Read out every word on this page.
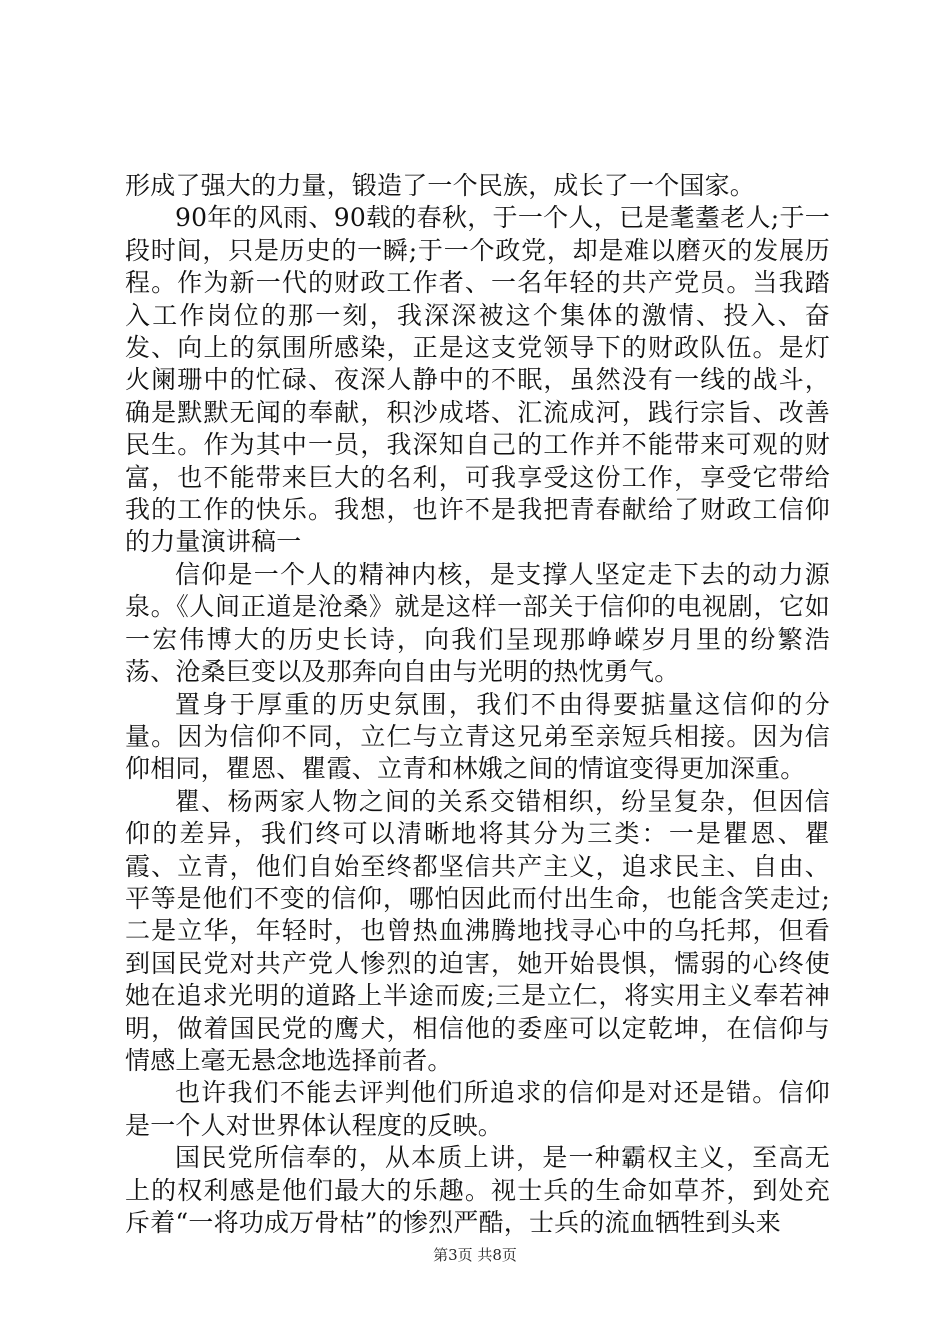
形成了强大的力量，锻造了一个民族，成长了一个国家。

90年的风雨、90载的春秋，于一个人，已是耄耋老人;于一段时间，只是历史的一瞬;于一个政党，却是难以磨灭的发展历程。作为新一代的财政工作者、一名年轻的共产党员。当我踏入工作岗位的那一刻，我深深被这个集体的激情、投入、奋发、向上的氛围所感染，正是这支党领导下的财政队伍。是灯火阑珊中的忙碌、夜深人静中的不眠，虽然没有一线的战斗，确是默默无闻的奉献，积沙成塔、汇流成河，践行宗旨、改善民生。作为其中一员，我深知自己的工作并不能带来可观的财富，也不能带来巨大的名利，可我享受这份工作，享受它带给我的工作的快乐。我想，也许不是我把青春献给了财政工信仰的力量演讲稿一

信仰是一个人的精神内核，是支撑人坚定走下去的动力源泉。《人间正道是沧桑》就是这样一部关于信仰的电视剧，它如一宏伟博大的历史长诗，向我们呈现那峥嵘岁月里的纷繁浩荡、沧桑巨变以及那奔向自由与光明的热忱勇气。

置身于厚重的历史氛围，我们不由得要掂量这信仰的分量。因为信仰不同，立仁与立青这兄弟至亲短兵相接。因为信仰相同，瞿恩、瞿霞、立青和林娥之间的情谊变得更加深重。

瞿、杨两家人物之间的关系交错相织，纷呈复杂，但因信仰的差异，我们终可以清晰地将其分为三类：一是瞿恩、瞿霞、立青，他们自始至终都坚信共产主义，追求民主、自由、平等是他们不变的信仰，哪怕因此而付出生命，也能含笑走过;二是立华，年轻时，也曾热血沸腾地找寻心中的乌托邦，但看到国民党对共产党人惨烈的迫害，她开始畏惧，懦弱的心终使她在追求光明的道路上半途而废;三是立仁，将实用主义奉若神明，做着国民党的鹰犬，相信他的委座可以定乾坤，在信仰与情感上毫无悬念地选择前者。

也许我们不能去评判他们所追求的信仰是对还是错。信仰是一个人对世界体认程度的反映。

国民党所信奉的，从本质上讲，是一种霸权主义，至高无上的权利感是他们最大的乐趣。视士兵的生命如草芥，到处充斥着“一将功成万骨枯”的惨烈严酷，士兵的流血牺牲到头来

第3页 共8页
